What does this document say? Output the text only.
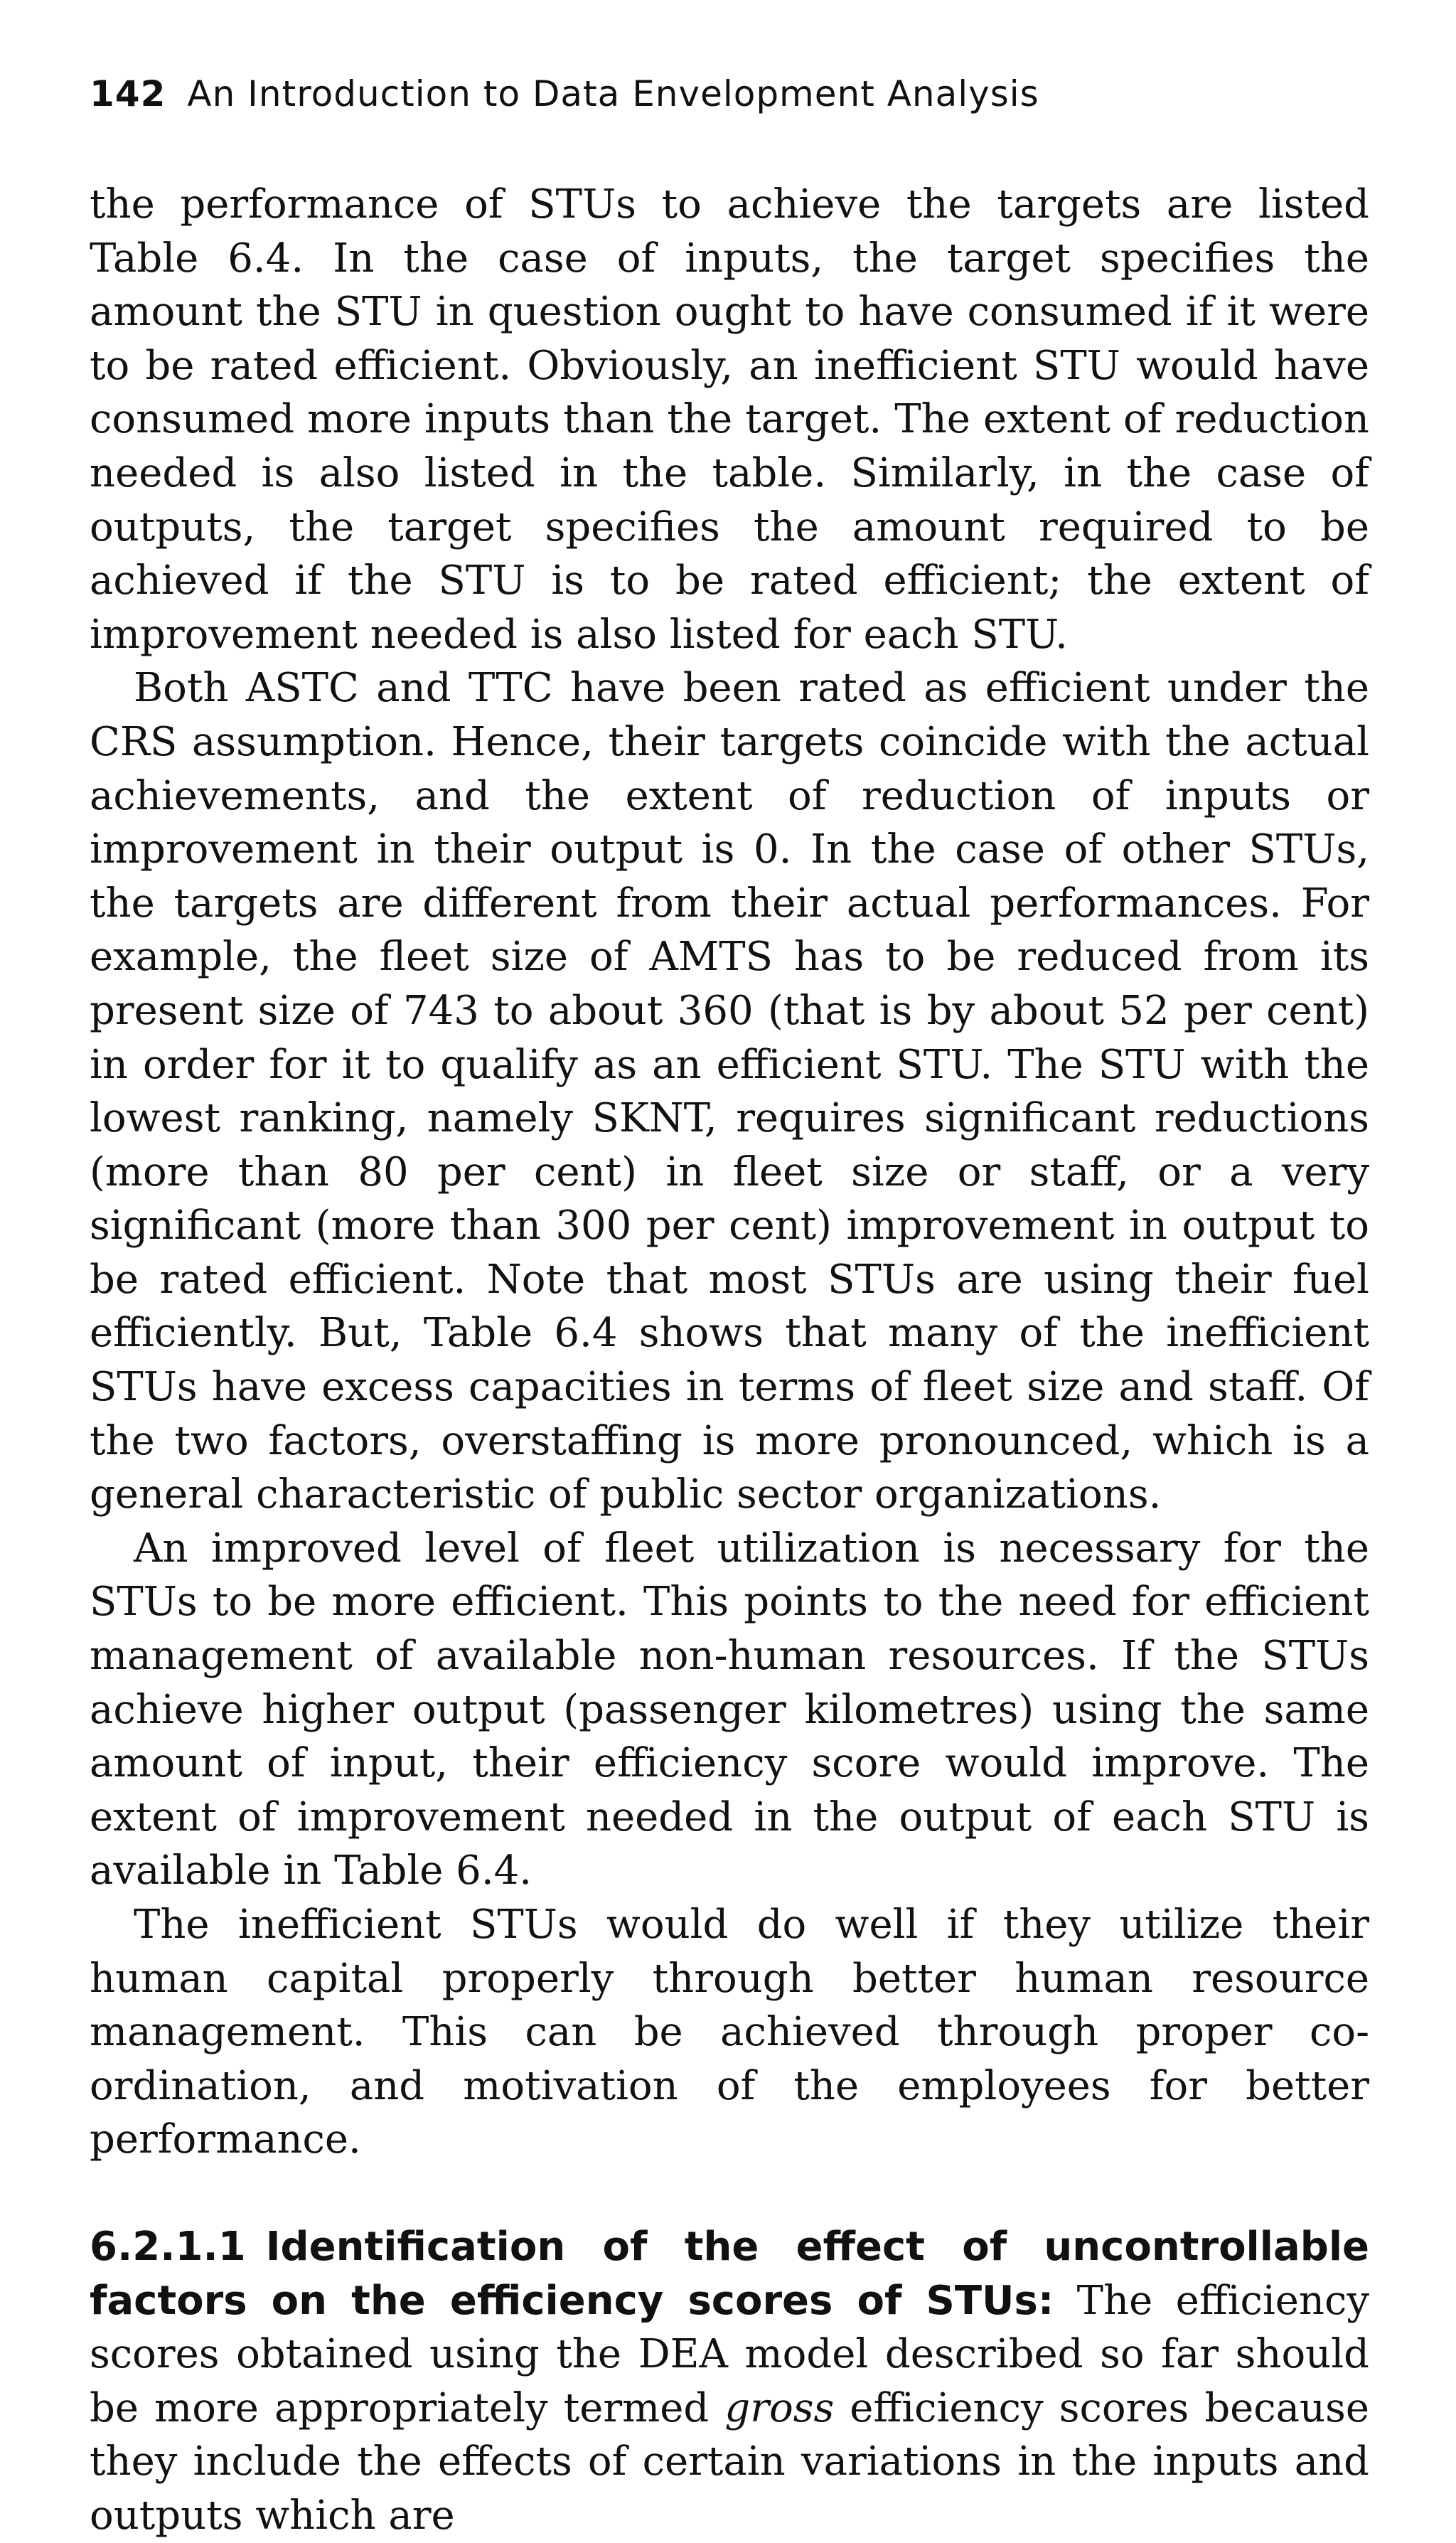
142 An Introduction to Data Envelopment Analysis

the performance of STUs to achieve the targets are listed Table 6.4. In the case of inputs, the target specifies the amount the STU in question ought to have consumed if it were to be rated efficient. Obviously, an inefficient STU would have consumed more inputs than the target. The extent of reduction needed is also listed in the table. Similarly, in the case of outputs, the target specifies the amount required to be achieved if the STU is to be rated efficient; the extent of improvement needed is also listed for each STU.

Both ASTC and TTC have been rated as efficient under the CRS assumption. Hence, their targets coincide with the actual achievements, and the extent of reduction of inputs or improvement in their output is 0. In the case of other STUs, the targets are different from their actual performances. For example, the fleet size of AMTS has to be reduced from its present size of 743 to about 360 (that is by about 52 per cent) in order for it to qualify as an efficient STU. The STU with the lowest ranking, namely SKNT, requires significant reductions (more than 80 per cent) in fleet size or staff, or a very significant (more than 300 per cent) improvement in output to be rated efficient. Note that most STUs are using their fuel efficiently. But, Table 6.4 shows that many of the inefficient STUs have excess capacities in terms of fleet size and staff. Of the two factors, overstaffing is more pronounced, which is a general characteristic of public sector organizations.

An improved level of fleet utilization is necessary for the STUs to be more efficient. This points to the need for efficient management of available non-human resources. If the STUs achieve higher output (passenger kilometres) using the same amount of input, their efficiency score would improve. The extent of improvement needed in the output of each STU is available in Table 6.4.

The inefficient STUs would do well if they utilize their human capital properly through better human resource management. This can be achieved through proper co-ordination, and motivation of the employees for better performance.

6.2.1.1 Identification of the effect of uncontrollable factors on the efficiency scores of STUs: The efficiency scores obtained using the DEA model described so far should be more appropriately termed gross efficiency scores because they include the effects of certain variations in the inputs and outputs which are
